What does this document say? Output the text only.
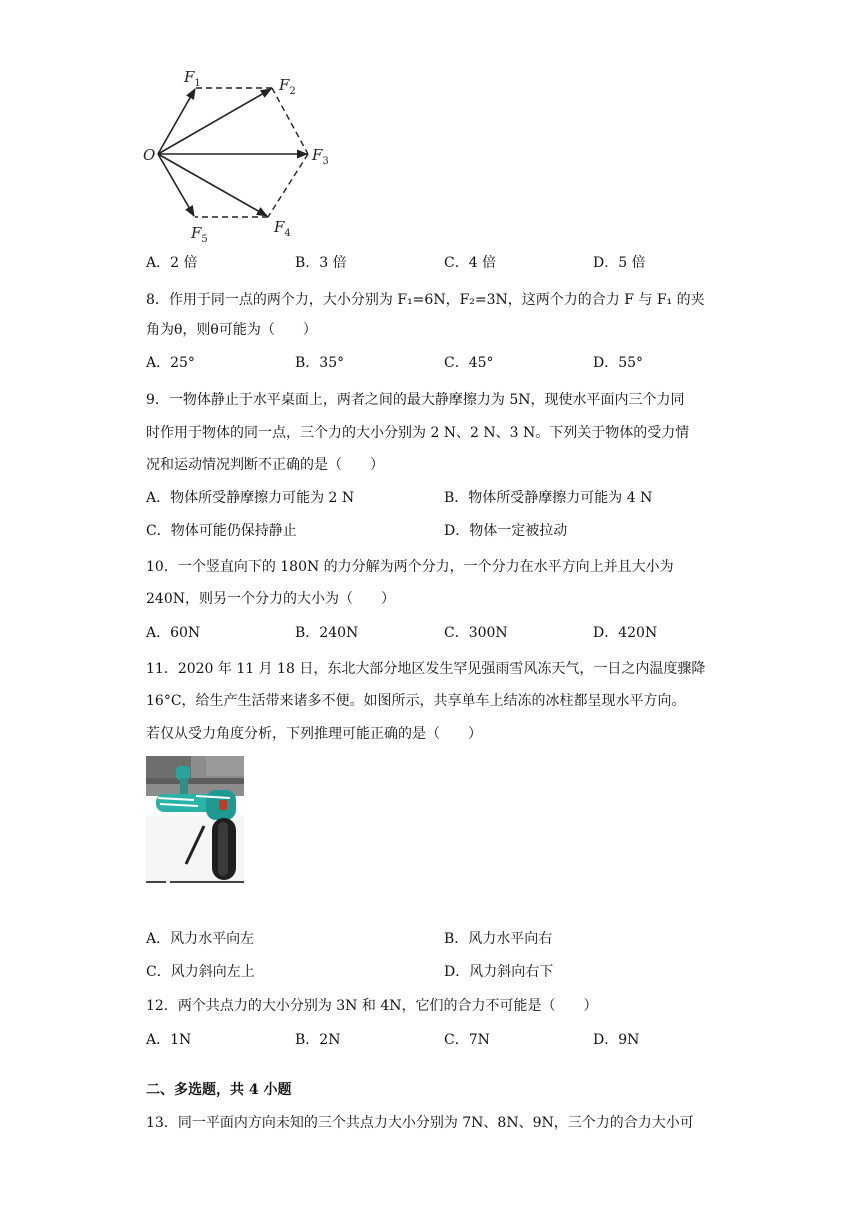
O
$F_1$	$F_2$
$F_3$
$F_4$
$F_5$
A．2 倍	B．3 倍	C．4 倍	D．5 倍
8．作用于同一点的两个力，大小分别为 F₁=6N，F₂=3N，这两个力的合力 F 与 F₁ 的夹
角为θ，则θ可能为（　　）
A．25°	B．35°	C．45°	D．55°
9．一物体静止于水平桌面上，两者之间的最大静摩擦力为 5N，现使水平面内三个力同
时作用于物体的同一点，三个力的大小分别为 2 N、2 N、3 N。下列关于物体的受力情
况和运动情况判断不正确的是（　　）
A．物体所受静摩擦力可能为 2 N	B．物体所受静摩擦力可能为 4 N
C．物体可能仍保持静止	D．物体一定被拉动
10．一个竖直向下的 180N 的力分解为两个分力，一个分力在水平方向上并且大小为
240N，则另一个分力的大小为（　　）
A．60N	B．240N	C．300N	D．420N
11．2020 年 11 月 18 日，东北大部分地区发生罕见强雨雪风冻天气，一日之内温度骤降
16°C，给生产生活带来诸多不便。如图所示，共享单车上结冻的冰柱都呈现水平方向。
若仅从受力角度分析，下列推理可能正确的是（　　）
A．风力水平向左	B．风力水平向右
C．风力斜向左上	D．风力斜向右下
12．两个共点力的大小分别为 3N 和 4N，它们的合力不可能是（　　）
A．1N	B．2N	C．7N	D．9N
二、多选题，共 4 小题
13．同一平面内方向未知的三个共点力大小分别为 7N、8N、9N，三个力的合力大小可
